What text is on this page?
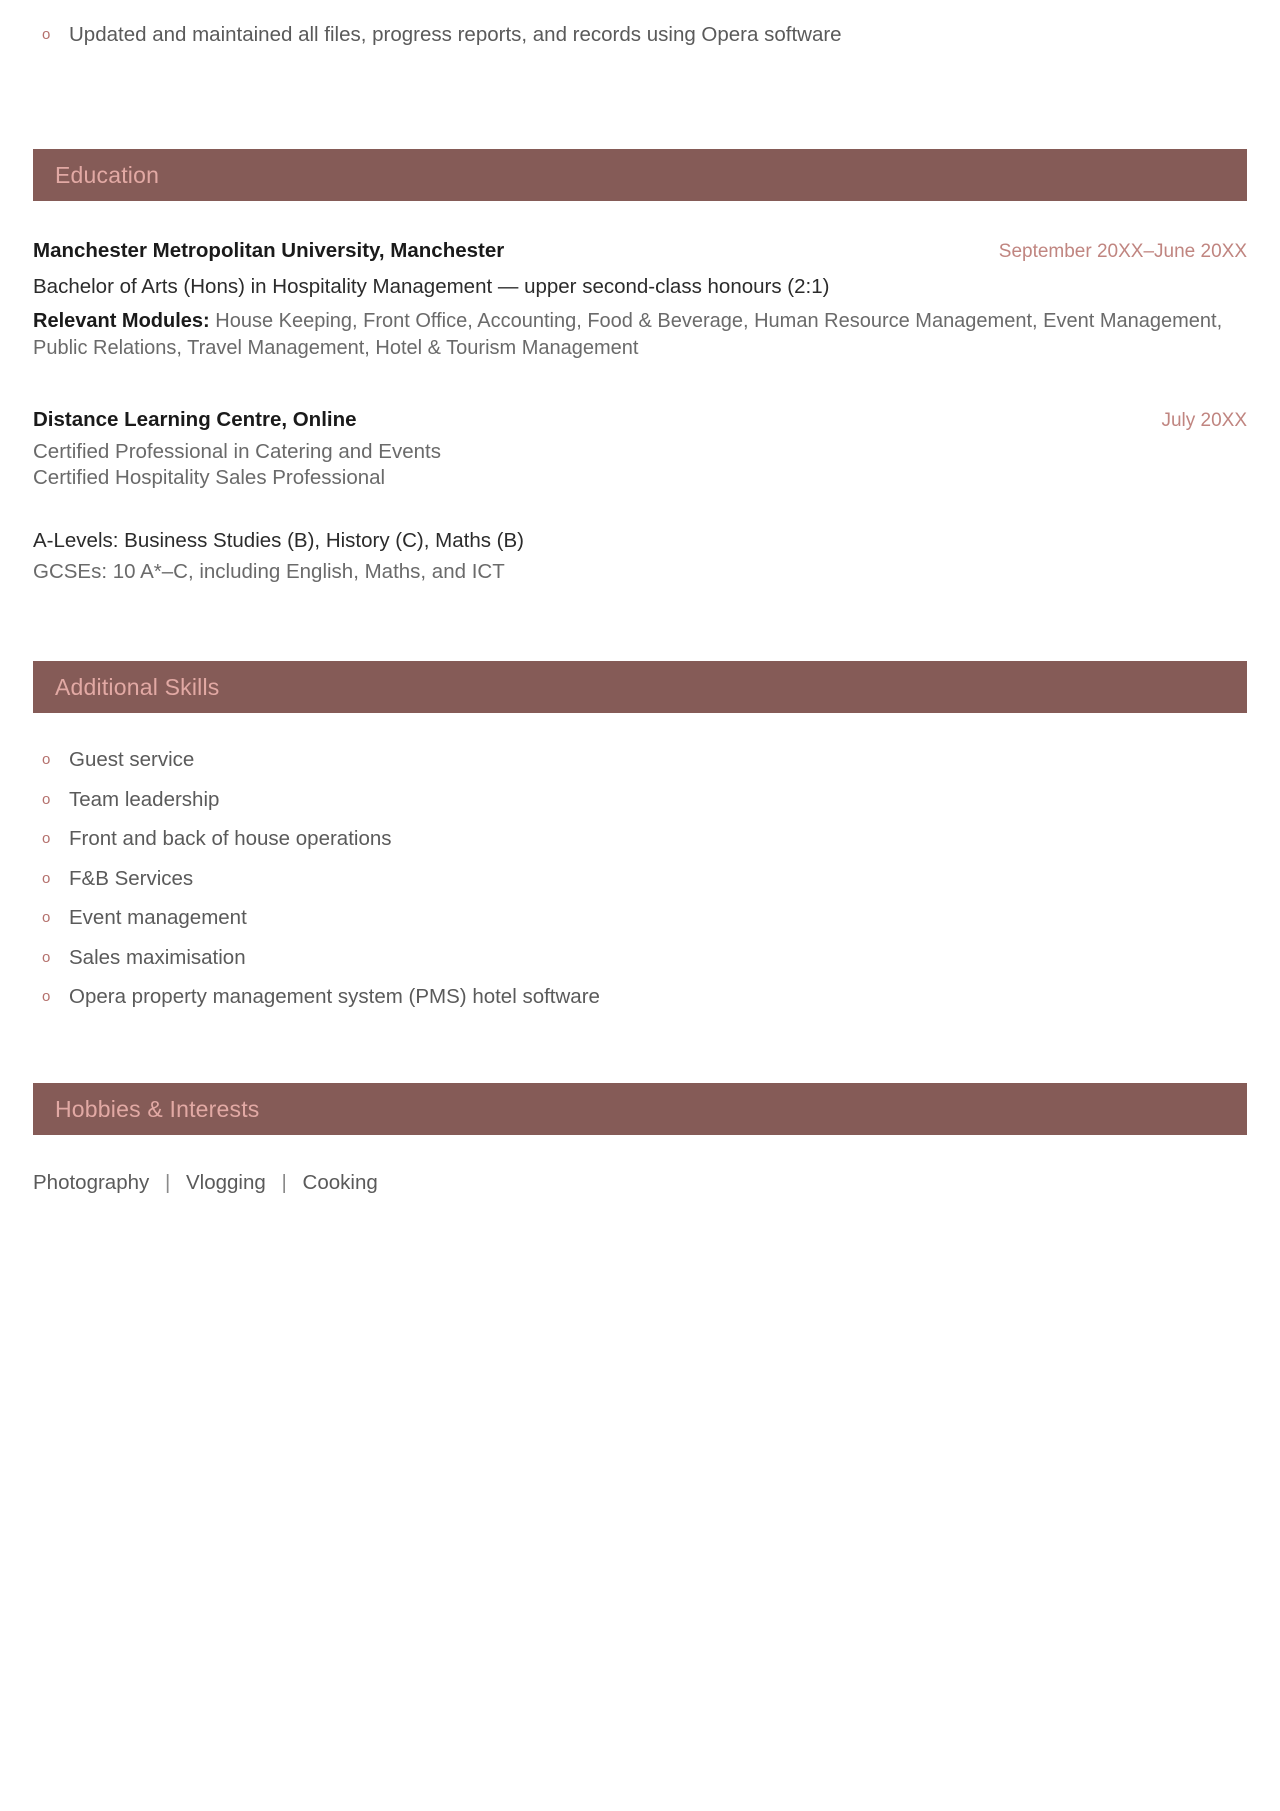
o Updated and maintained all files, progress reports, and records using Opera software
Education
Manchester Metropolitan University, Manchester	September 20XX–June 20XX
Bachelor of Arts (Hons) in Hospitality Management — upper second-class honours (2:1)
Relevant Modules: House Keeping, Front Office, Accounting, Food & Beverage, Human Resource Management, Event Management, Public Relations, Travel Management, Hotel & Tourism Management
Distance Learning Centre, Online	July 20XX
Certified Professional in Catering and Events
Certified Hospitality Sales Professional
A-Levels: Business Studies (B), History (C), Maths (B)
GCSEs: 10 A*–C, including English, Maths, and ICT
Additional Skills
o Guest service
o Team leadership
o Front and back of house operations
o F&B Services
o Event management
o Sales maximisation
o Opera property management system (PMS) hotel software
Hobbies & Interests
Photography | Vlogging | Cooking
